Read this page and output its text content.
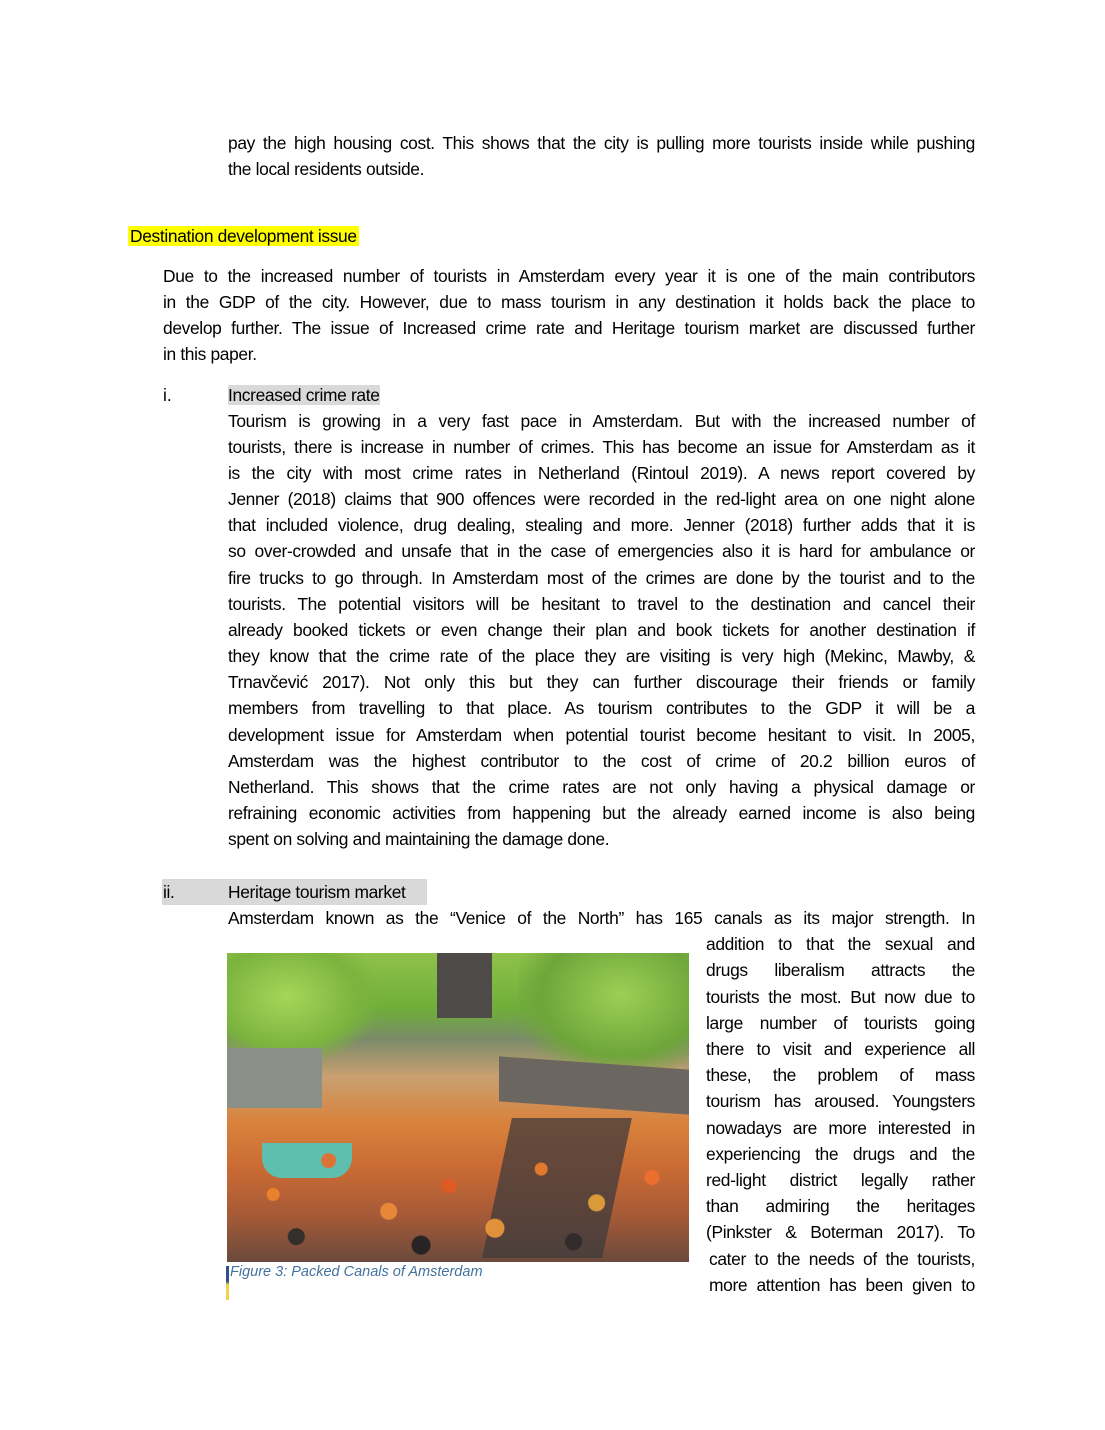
pay the high housing cost. This shows that the city is pulling more tourists inside while pushing
the local residents outside.
Destination development issue
Due to the increased number of tourists in Amsterdam every year it is one of the main contributors
in the GDP of the city. However, due to mass tourism in any destination it holds back the place to
develop further. The issue of Increased crime rate and Heritage tourism market are discussed further
in this paper.
i.	Increased crime rate
Tourism is growing in a very fast pace in Amsterdam. But with the increased number of
tourists, there is increase in number of crimes. This has become an issue for Amsterdam as it
is the city with most crime rates in Netherland (Rintoul 2019). A news report covered by
Jenner (2018) claims that 900 offences were recorded in the red-light area on one night alone
that included violence, drug dealing, stealing and more. Jenner (2018) further adds that it is
so over-crowded and unsafe that in the case of emergencies also it is hard for ambulance or
fire trucks to go through. In Amsterdam most of the crimes are done by the tourist and to the
tourists. The potential visitors will be hesitant to travel to the destination and cancel their
already booked tickets or even change their plan and book tickets for another destination if
they know that the crime rate of the place they are visiting is very high (Mekinc, Mawby, &
Trnavčević 2017). Not only this but they can further discourage their friends or family
members from travelling to that place. As tourism contributes to the GDP it will be a
development issue for Amsterdam when potential tourist become hesitant to visit. In 2005,
Amsterdam was the highest contributor to the cost of crime of 20.2 billion euros of
Netherland. This shows that the crime rates are not only having a physical damage or
refraining economic activities from happening but the already earned income is also being
spent on solving and maintaining the damage done.
ii.	Heritage tourism market
Amsterdam known as the “Venice of the North” has 165 canals as its major strength. In
addition to that the sexual and
drugs liberalism attracts the
tourists the most. But now due to
large number of tourists going
there to visit and experience all
these, the problem of mass
tourism has aroused. Youngsters
nowadays are more interested in
experiencing the drugs and the
red-light district legally rather
than admiring the heritages
(Pinkster & Boterman 2017). To
cater to the needs of the tourists,
more attention has been given to
Figure 3: Packed Canals of Amsterdam
